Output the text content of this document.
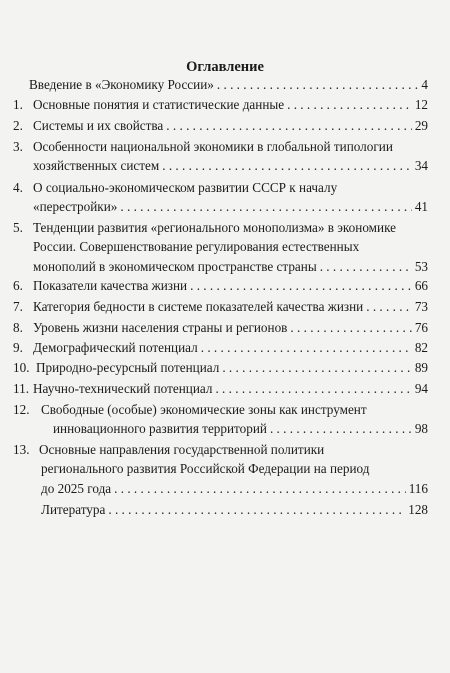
Оглавление
Введение в «Экономику России» . . .	4
1. Основные понятия и статистические данные . . .	12
2. Системы и их свойства . . .	29
3. Особенности национальной экономики в глобальной типологии
хозяйственных систем . . .	34
4. О социально-экономическом развитии СССР к началу
«перестройки» . . .	41
5. Тенденции развития «регионального монополизма» в экономике
России. Совершенствование регулирования естественных
монополий в экономическом пространстве страны . . .	53
6. Показатели качества жизни . . .	66
7. Категория бедности в системе показателей качества жизни . . .	73
8. Уровень жизни населения страны и регионов . . .	76
9. Демографический потенциал . . .	82
10. Природно-ресурсный потенциал . . .	89
11. Научно-технический потенциал . . .	94
12. Свободные (особые) экономические зоны как инструмент
инновационного развития территорий . . .	98
13. Основные направления государственной политики
регионального развития Российской Федерации на период
до 2025 года . . .	116
Литература . . .	128
